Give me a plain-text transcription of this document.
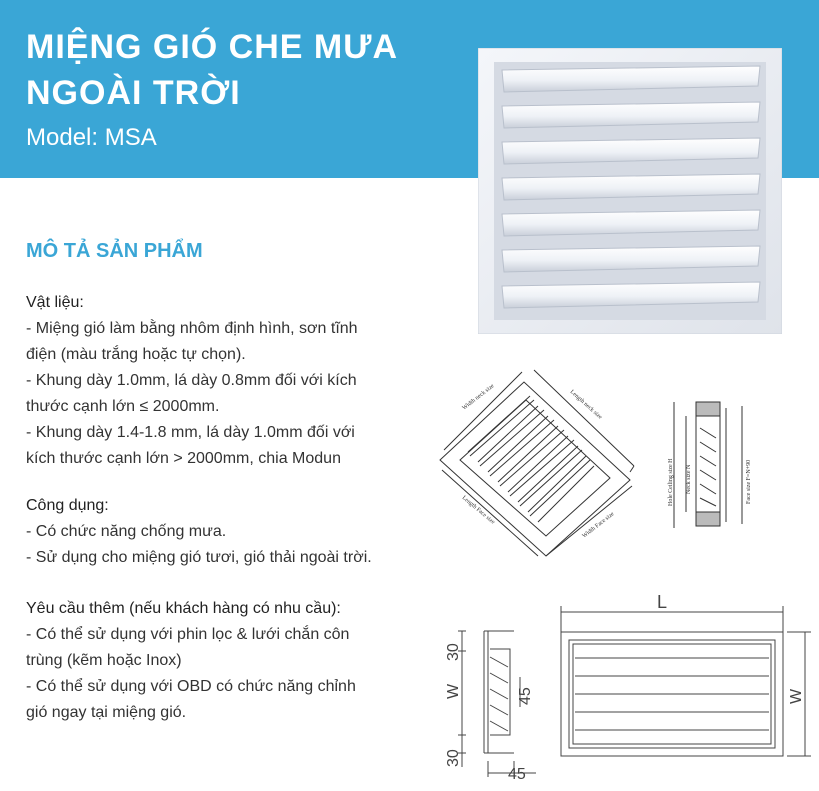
MIỆNG GIÓ CHE MƯA
NGOÀI TRỜI
Model: MSA
MÔ TẢ SẢN PHẨM
Vật liệu:
- Miệng gió làm bằng nhôm định hình, sơn tĩnh
điện (màu trắng hoặc tự chọn).
- Khung dày 1.0mm, lá dày 0.8mm đối với kích
thước cạnh lớn ≤ 2000mm.
- Khung dày 1.4-1.8 mm, lá dày 1.0mm đối với
kích thước cạnh lớn > 2000mm, chia Modun
Công dụng:
- Có chức năng chống mưa.
- Sử dụng cho miệng gió tươi, gió thải ngoài trời.
Yêu cầu thêm (nếu khách hàng có nhu cầu):
- Có thể sử dụng với phin lọc & lưới chắn côn
trùng (kẽm hoặc Inox)
- Có thể sử dụng với OBD có chức năng chỉnh
gió ngay tại miệng gió.
Width neck size	Length neck size
Length Face size	Width Face size
Hole Ceiling size H Neck size N	Face size F=N+90
30
W
30
45
45
L
W
